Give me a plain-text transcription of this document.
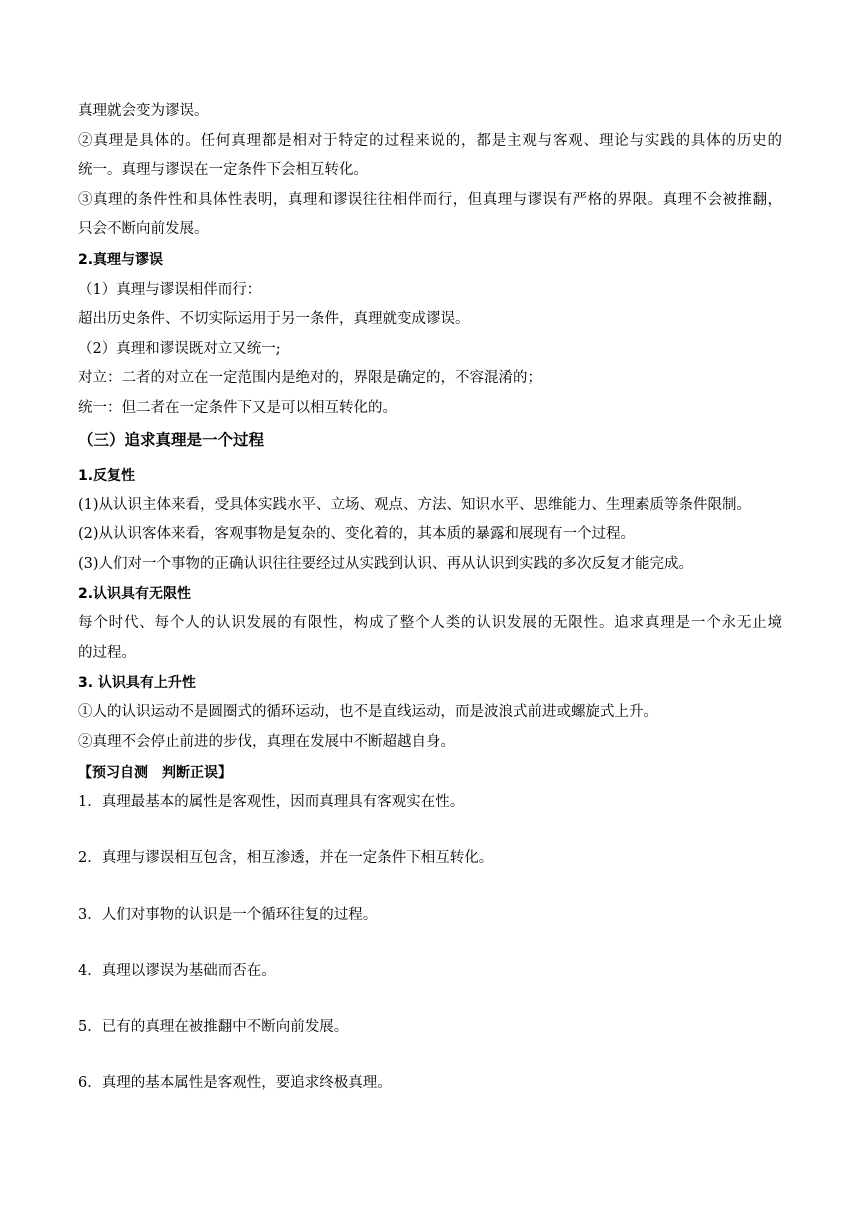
真理就会变为谬误。
②真理是具体的。任何真理都是相对于特定的过程来说的，都是主观与客观、理论与实践的具体的历史的
统一。真理与谬误在一定条件下会相互转化。
③真理的条件性和具体性表明，真理和谬误往往相伴而行，但真理与谬误有严格的界限。真理不会被推翻，
只会不断向前发展。
2.真理与谬误
（1）真理与谬误相伴而行：
超出历史条件、不切实际运用于另一条件，真理就变成谬误。
（2）真理和谬误既对立又统一;
对立：二者的对立在一定范围内是绝对的，界限是确定的，不容混淆的；
统一：但二者在一定条件下又是可以相互转化的。
（三）追求真理是一个过程
1.反复性
(1)从认识主体来看，受具体实践水平、立场、观点、方法、知识水平、思维能力、生理素质等条件限制。
(2)从认识客体来看，客观事物是复杂的、变化着的，其本质的暴露和展现有一个过程。
(3)人们对一个事物的正确认识往往要经过从实践到认识、再从认识到实践的多次反复才能完成。
2.认识具有无限性
每个时代、每个人的认识发展的有限性，构成了整个人类的认识发展的无限性。追求真理是一个永无止境
的过程。
3. 认识具有上升性
①人的认识运动不是圆圈式的循环运动，也不是直线运动，而是波浪式前进或螺旋式上升。
②真理不会停止前进的步伐，真理在发展中不断超越自身。
【预习自测　判断正误】
1．真理最基本的属性是客观性，因而真理具有客观实在性。
2．真理与谬误相互包含，相互渗透，并在一定条件下相互转化。
3．人们对事物的认识是一个循环往复的过程。
4．真理以谬误为基础而否在。
5．已有的真理在被推翻中不断向前发展。
6．真理的基本属性是客观性，要追求终极真理。
